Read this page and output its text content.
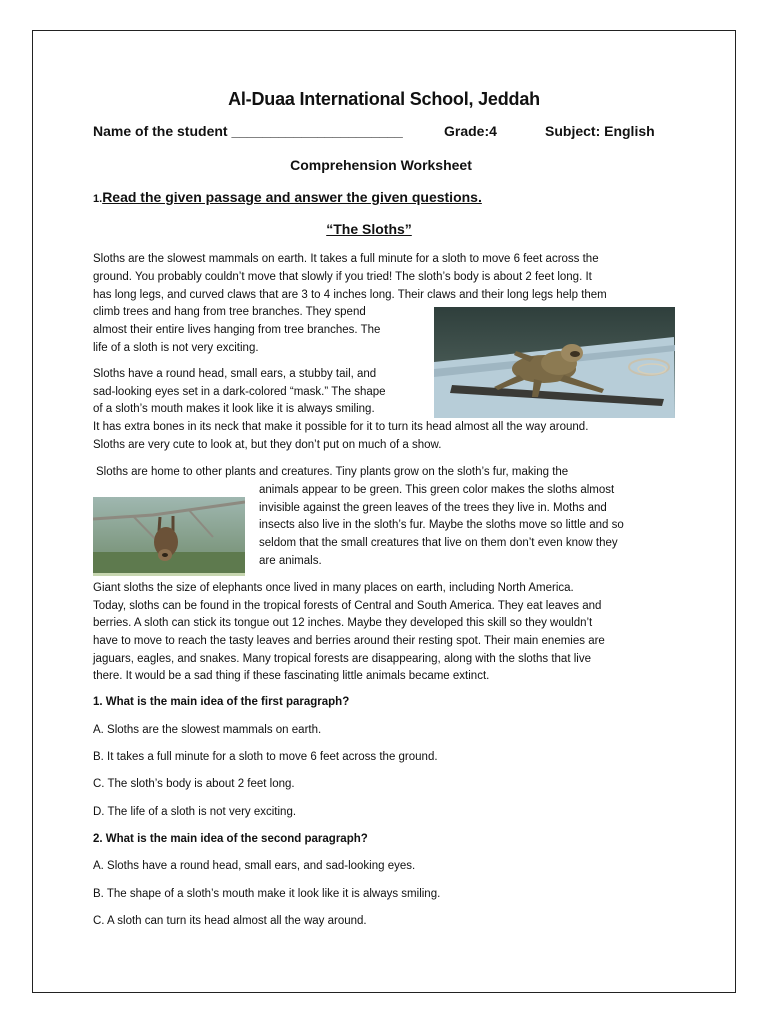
Al-Duaa International School, Jeddah
Name of the student ______________________	Grade:4	Subject: English
Comprehension Worksheet
1.Read the given passage and answer the given questions.
“The Sloths”
Sloths are the slowest mammals on earth. It takes a full minute for a sloth to move 6 feet across the
ground. You probably couldn’t move that slowly if you tried! The sloth’s body is about 2 feet long. It
has long legs, and curved claws that are 3 to 4 inches long. Their claws and their long legs help them
climb trees and hang from tree branches. They spend
almost their entire lives hanging from tree branches. The
life of a sloth is not very exciting.
Sloths have a round head, small ears, a stubby tail, and
sad-looking eyes set in a dark-colored “mask.” The shape
of a sloth’s mouth makes it look like it is always smiling.
It has extra bones in its neck that make it possible for it to turn its head almost all the way around.
Sloths are very cute to look at, but they don’t put on much of a show.
Sloths are home to other plants and creatures. Tiny plants grow on the sloth’s fur, making the
animals appear to be green. This green color makes the sloths almost
invisible against the green leaves of the trees they live in. Moths and
insects also live in the sloth’s fur. Maybe the sloths move so little and so
seldom that the small creatures that live on them don’t even know they
are animals.
Giant sloths the size of elephants once lived in many places on earth, including North America.
Today, sloths can be found in the tropical forests of Central and South America. They eat leaves and
berries. A sloth can stick its tongue out 12 inches. Maybe they developed this skill so they wouldn’t
have to move to reach the tasty leaves and berries around their resting spot. Their main enemies are
jaguars, eagles, and snakes. Many tropical forests are disappearing, along with the sloths that live
there. It would be a sad thing if these fascinating little animals became extinct.
1. What is the main idea of the first paragraph?
A. Sloths are the slowest mammals on earth.
B. It takes a full minute for a sloth to move 6 feet across the ground.
C. The sloth’s body is about 2 feet long.
D. The life of a sloth is not very exciting.
2. What is the main idea of the second paragraph?
A. Sloths have a round head, small ears, and sad-looking eyes.
B. The shape of a sloth’s mouth make it look like it is always smiling.
C. A sloth can turn its head almost all the way around.
